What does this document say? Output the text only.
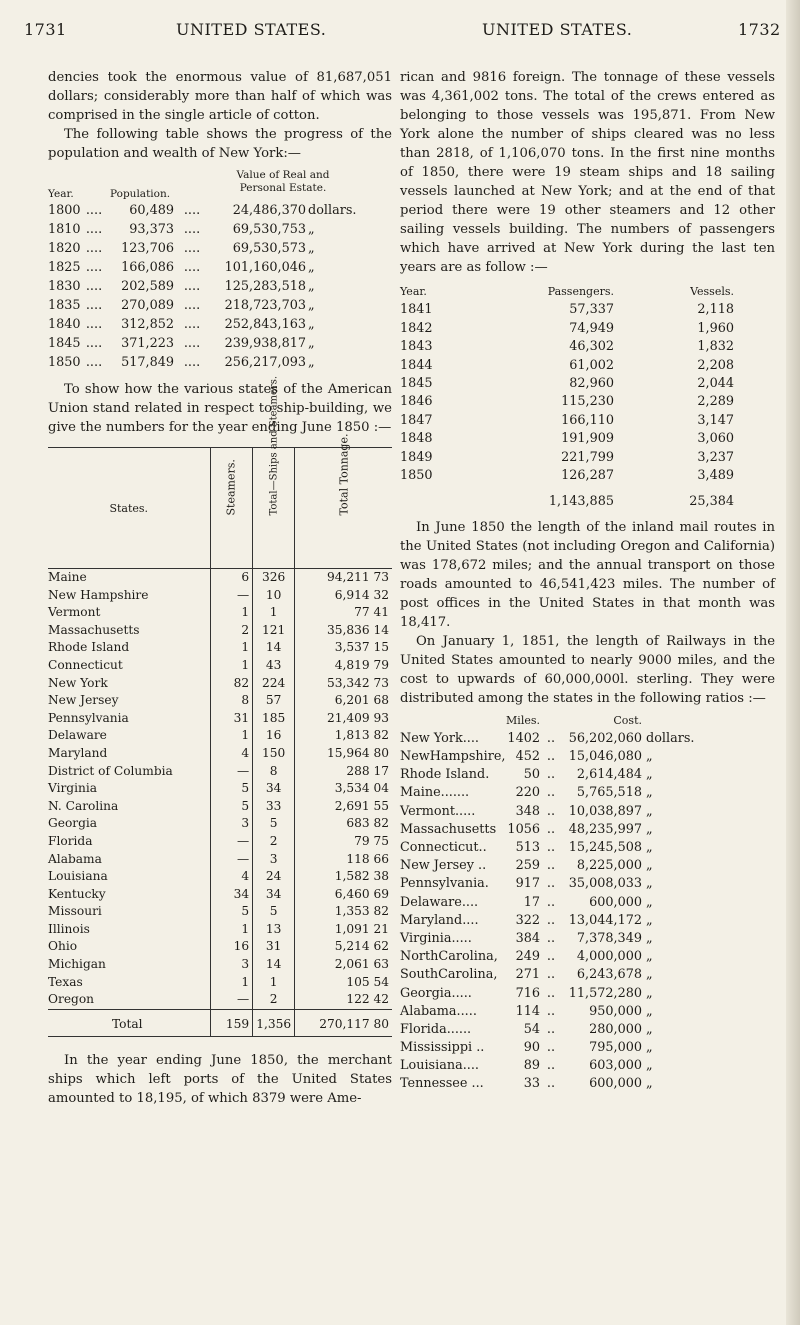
1731	UNITED STATES.	UNITED STATES.	1732

dencies took the enormous value of 81,687,051 dollars; considerably more than half of which was comprised in the single article of cotton.

The following table shows the progress of the population and wealth of New York:—

Year.	Population.
Value of Real and Personal Estate.
1800 ....	60,489 ....	24,486,370 dollars.
1810 ....	93,373 ....	69,530,753 „
1820 ....	123,706 ....	69,530,573 „
1825 ....	166,086 ....	101,160,046 „
1830 ....	202,589 ....	125,283,518 „
1835 ....	270,089 ....	218,723,703 „
1840 ....	312,852 ....	252,843,163 „
1845 ....	371,223 ....	239,938,817 „
1850 ....	517,849 ....	256,217,093 „

To show how the various states of the American Union stand related in respect to ship-building, we give the numbers for the year ending June 1850 :—

States.	Steamers.	Total—Ships and Steamers.	Total Tonnage.
Maine	6	326	94,211 73
New Hampshire	—	10	6,914 32
Vermont	1	1	77 41
Massachusetts	2	121	35,836 14
Rhode Island	1	14	3,537 15
Connecticut	1	43	4,819 79
New York	82	224	53,342 73
New Jersey	8	57	6,201 68
Pennsylvania	31	185	21,409 93
Delaware	1	16	1,813 82
Maryland	4	150	15,964 80
District of Columbia	—	8	288 17
Virginia	5	34	3,534 04
N. Carolina	5	33	2,691 55
Georgia	3	5	683 82
Florida	—	2	79 75
Alabama	—	3	118 66
Louisiana	4	24	1,582 38
Kentucky	34	34	6,460 69
Missouri	5	5	1,353 82
Illinois	1	13	1,091 21
Ohio	16	31	5,214 62
Michigan	3	14	2,061 63
Texas	1	1	105 54
Oregon	—	2	122 42
Total	159	1,356	270,117 80

In the year ending June 1850, the merchant ships which left ports of the United States amounted to 18,195, of which 8379 were Ame-

rican and 9816 foreign. The tonnage of these vessels was 4,361,002 tons. The total of the crews entered as belonging to those vessels was 195,871. From New York alone the number of ships cleared was no less than 2818, of 1,106,070 tons. In the first nine months of 1850, there were 19 steam ships and 18 sailing vessels launched at New York; and at the end of that period there were 19 other steamers and 12 other sailing vessels building. The numbers of passengers which have arrived at New York during the last ten years are as follow :—

Year.	Passengers.	Vessels.
1841	57,337	2,118
1842	74,949	1,960
1843	46,302	1,832
1844	61,002	2,208
1845	82,960	2,044
1846	115,230	2,289
1847	166,110	3,147
1848	191,909	3,060
1849	221,799	3,237
1850	126,287	3,489
1,143,885	25,384

In June 1850 the length of the inland mail routes in the United States (not including Oregon and California) was 178,672 miles; and the annual transport on those roads amounted to 46,541,423 miles. The number of post offices in the United States in that month was 18,417.

On January 1, 1851, the length of Railways in the United States amounted to nearly 9000 miles, and the cost to upwards of 60,000,000l. sterling. They were distributed among the states in the following ratios :—

Miles.	Cost.
New York....	1402 ..	56,202,060 dollars.
NewHampshire, 452 ..	15,046,080 „
Rhode Island.	50 ..	2,614,484 „
Maine.......	220 ..	5,765,518 „
Vermont.....	348 ..	10,038,897 „
Massachusetts 1056 ..	48,235,997 „
Connecticut..	513 ..	15,245,508 „
New Jersey ..	259 ..	8,225,000 „
Pennsylvania.	917 ..	35,008,033 „
Delaware....	17 ..	600,000 „
Maryland....	322 ..	13,044,172 „
Virginia.....	384 ..	7,378,349 „
NorthCarolina,	249 ..	4,000,000 „
SouthCarolina,	271 ..	6,243,678 „
Georgia.....	716 ..	11,572,280 „
Alabama.....	114 ..	950,000 „
Florida......	54 ..	280,000 „
Mississippi ..	90 ..	795,000 „
Louisiana....	89 ..	603,000 „
Tennessee ...	33 ..	600,000 „
